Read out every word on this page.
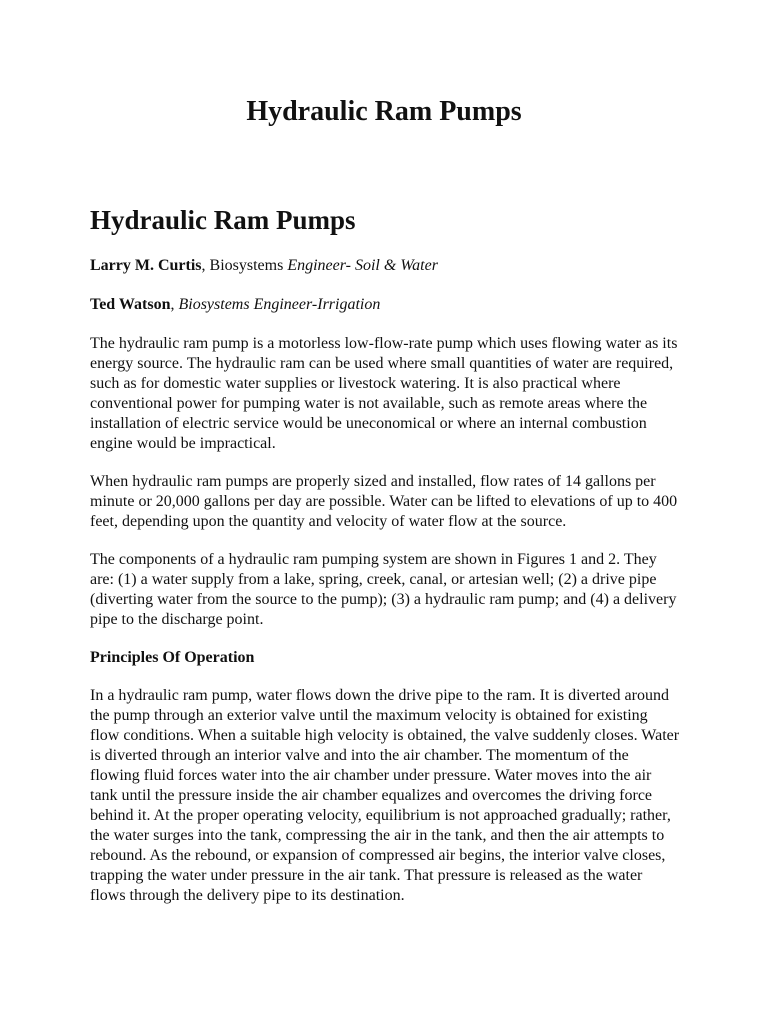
Hydraulic Ram Pumps
Hydraulic Ram Pumps

Larry M. Curtis, Biosystems Engineer- Soil & Water

Ted Watson, Biosystems Engineer-Irrigation

The hydraulic ram pump is a motorless low-flow-rate pump which uses flowing water as its energy source. The hydraulic ram can be used where small quantities of water are required, such as for domestic water supplies or livestock watering. It is also practical where conventional power for pumping water is not available, such as remote areas where the installation of electric service would be uneconomical or where an internal combustion engine would be impractical.

When hydraulic ram pumps are properly sized and installed, flow rates of 14 gallons per minute or 20,000 gallons per day are possible. Water can be lifted to elevations of up to 400 feet, depending upon the quantity and velocity of water flow at the source.

The components of a hydraulic ram pumping system are shown in Figures 1 and 2. They are: (1) a water supply from a lake, spring, creek, canal, or artesian well; (2) a drive pipe (diverting water from the source to the pump); (3) a hydraulic ram pump; and (4) a delivery pipe to the discharge point.

Principles Of Operation

In a hydraulic ram pump, water flows down the drive pipe to the ram. It is diverted around the pump through an exterior valve until the maximum velocity is obtained for existing flow conditions. When a suitable high velocity is obtained, the valve suddenly closes. Water is diverted through an interior valve and into the air chamber. The momentum of the flowing fluid forces water into the air chamber under pressure. Water moves into the air tank until the pressure inside the air chamber equalizes and overcomes the driving force behind it. At the proper operating velocity, equilibrium is not approached gradually; rather, the water surges into the tank, compressing the air in the tank, and then the air attempts to rebound. As the rebound, or expansion of compressed air begins, the interior valve closes, trapping the water under pressure in the air tank. That pressure is released as the water flows through the delivery pipe to its destination.
